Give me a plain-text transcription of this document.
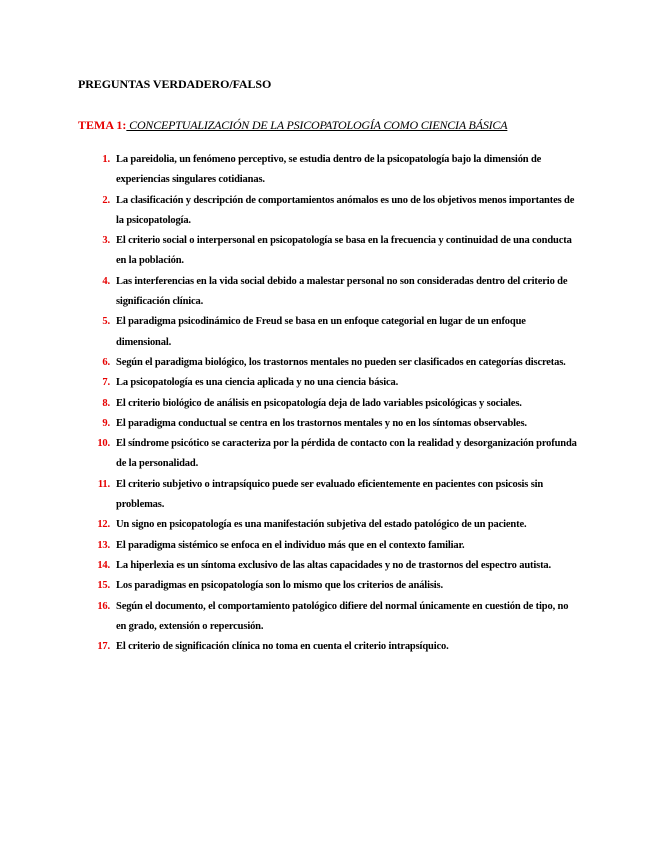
PREGUNTAS VERDADERO/FALSO
TEMA 1: CONCEPTUALIZACIÓN DE LA PSICOPATOLOGÍA COMO CIENCIA BÁSICA
1. La pareidolia, un fenómeno perceptivo, se estudia dentro de la psicopatología bajo la dimensión de experiencias singulares cotidianas.
2. La clasificación y descripción de comportamientos anómalos es uno de los objetivos menos importantes de la psicopatología.
3. El criterio social o interpersonal en psicopatología se basa en la frecuencia y continuidad de una conducta en la población.
4. Las interferencias en la vida social debido a malestar personal no son consideradas dentro del criterio de significación clínica.
5. El paradigma psicodinámico de Freud se basa en un enfoque categorial en lugar de un enfoque dimensional.
6. Según el paradigma biológico, los trastornos mentales no pueden ser clasificados en categorías discretas.
7. La psicopatología es una ciencia aplicada y no una ciencia básica.
8. El criterio biológico de análisis en psicopatología deja de lado variables psicológicas y sociales.
9. El paradigma conductual se centra en los trastornos mentales y no en los síntomas observables.
10. El síndrome psicótico se caracteriza por la pérdida de contacto con la realidad y desorganización profunda de la personalidad.
11. El criterio subjetivo o intrapsíquico puede ser evaluado eficientemente en pacientes con psicosis sin problemas.
12. Un signo en psicopatología es una manifestación subjetiva del estado patológico de un paciente.
13. El paradigma sistémico se enfoca en el individuo más que en el contexto familiar.
14. La hiperlexia es un síntoma exclusivo de las altas capacidades y no de trastornos del espectro autista.
15. Los paradigmas en psicopatología son lo mismo que los criterios de análisis.
16. Según el documento, el comportamiento patológico difiere del normal únicamente en cuestión de tipo, no en grado, extensión o repercusión.
17. El criterio de significación clínica no toma en cuenta el criterio intrapsíquico.
